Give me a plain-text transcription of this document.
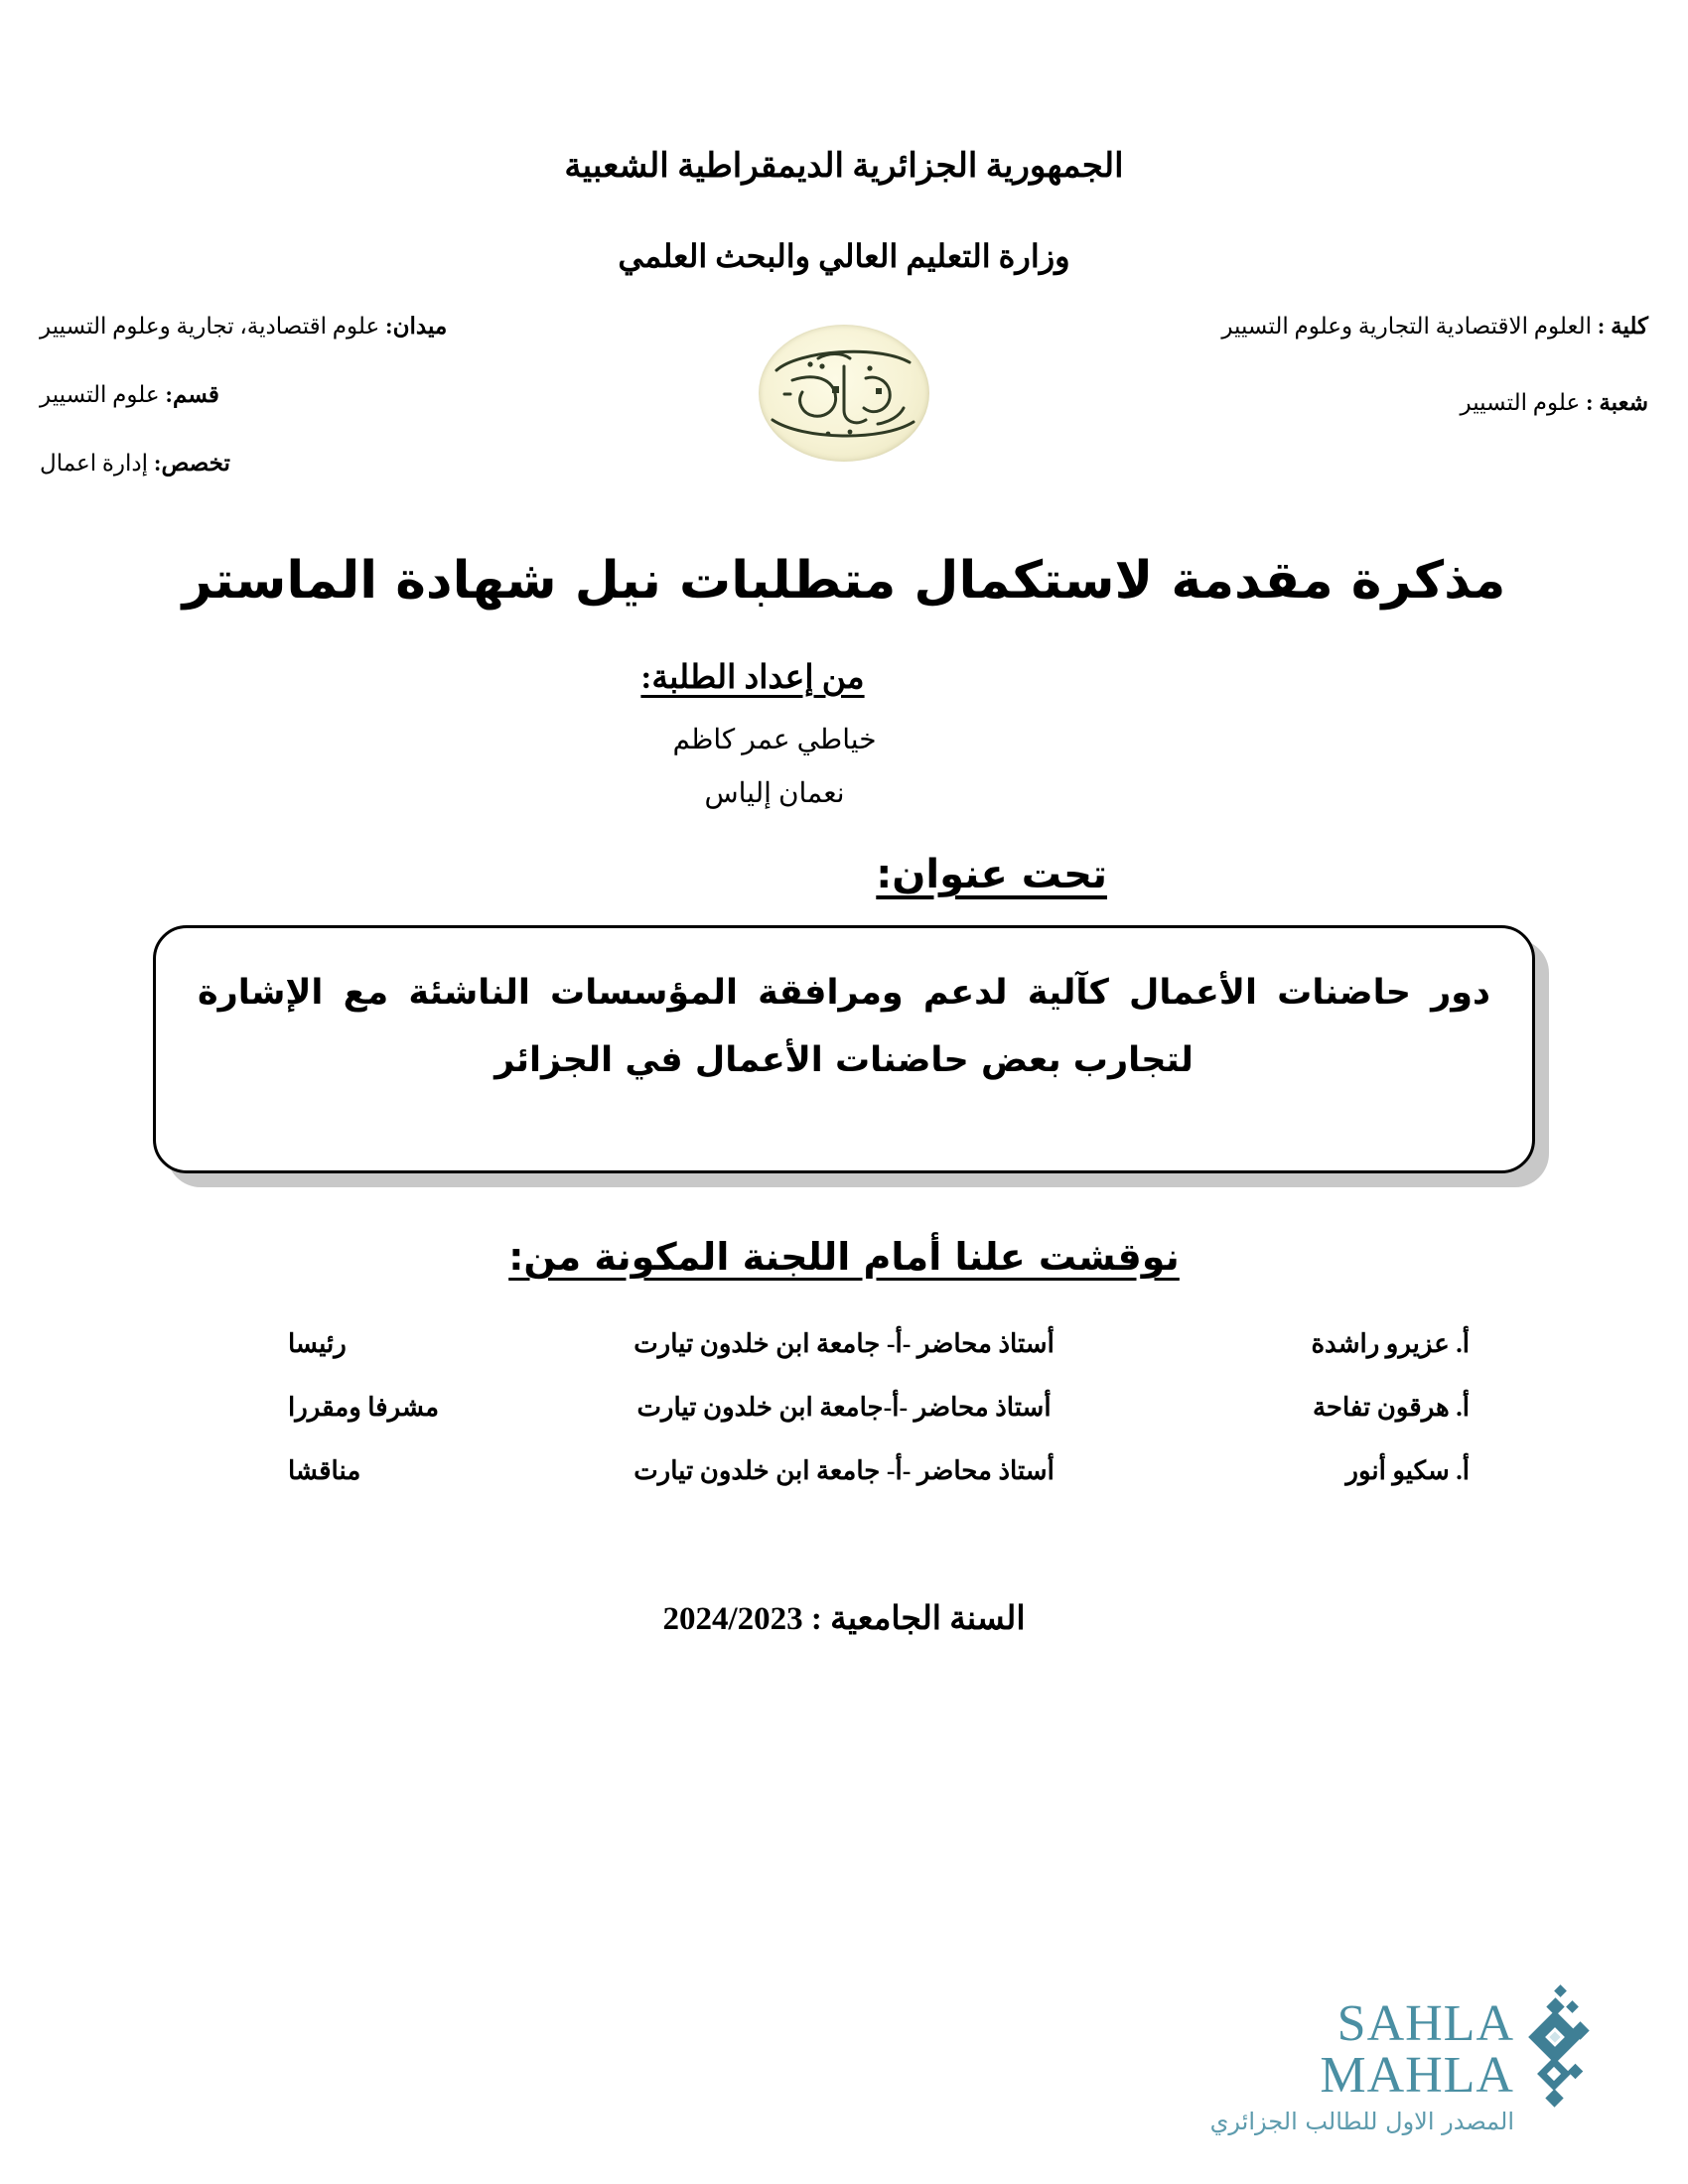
الجمهورية الجزائرية الديمقراطية الشعبية
وزارة التعليم العالي والبحث العلمي
كلية : العلوم الاقتصادية التجارية وعلوم التسيير
شعبة : علوم التسيير
ميدان: علوم اقتصادية، تجارية وعلوم التسيير
قسم: علوم التسيير
تخصص: إدارة اعمال
مذكرة مقدمة لاستكمال متطلبات نيل شهادة الماستر
من إعداد الطلبة:
خياطي عمر كاظم
نعمان إلياس
تحت عنوان:
دور حاضنات الأعمال كآلية لدعم ومرافقة المؤسسات الناشئة مع الإشارة
لتجارب بعض حاضنات الأعمال في الجزائر
نوقشت علنا أمام اللجنة المكونة من:
أ. عزيرو راشدة	أستاذ محاضر -أ- جامعة ابن خلدون تيارت	رئيسا
أ. هرقون تفاحة	أستاذ محاضر -أ-جامعة ابن خلدون تيارت	مشرفا ومقررا
أ. سكيو أنور	أستاذ محاضر -أ- جامعة ابن خلدون تيارت	مناقشا
السنة الجامعية : 2024/2023
SAHLA MAHLA
المصدر الاول للطالب الجزائري
